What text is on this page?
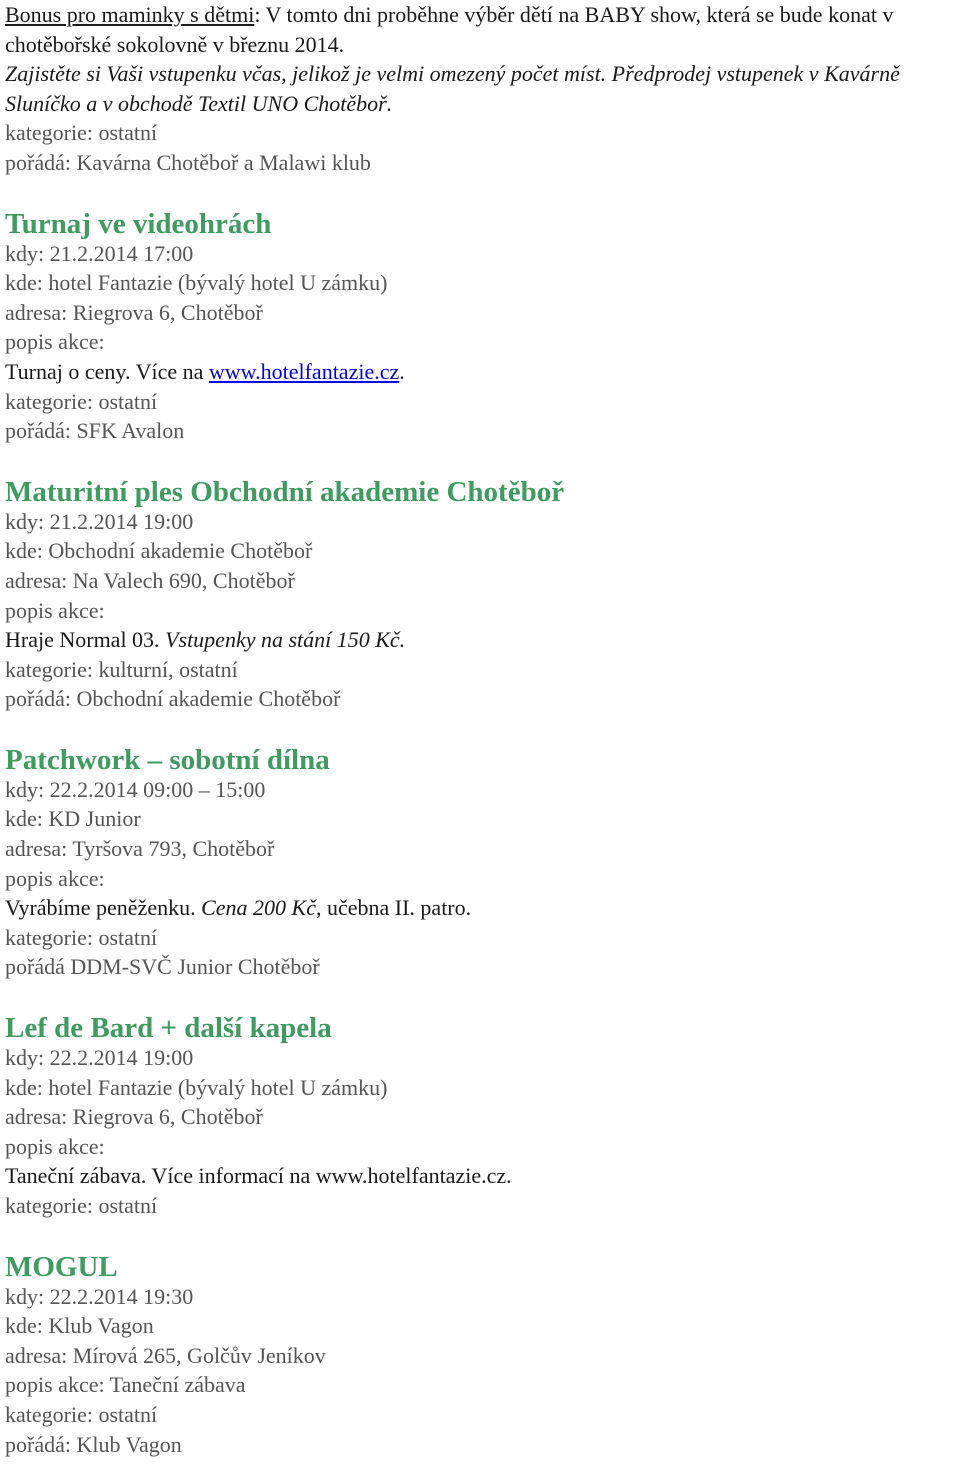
Bonus pro maminky s dětmi: V tomto dni proběhne výběr dětí na BABY show, která se bude konat v chotěbořské sokolovně v březnu 2014.
Zajistěte si Vaši vstupenku včas, jelikož je velmi omezený počet míst. Předprodej vstupenek v Kavárně Sluníčko a v obchodě Textil UNO Chotěboř.
kategorie: ostatní
pořádá: Kavárna Chotěboř a Malawi klub
Turnaj ve videohrách
kdy: 21.2.2014 17:00
kde: hotel Fantazie (bývalý hotel U zámku)
adresa: Riegrova 6, Chotěboř
popis akce:
Turnaj o ceny. Více na www.hotelfantazie.cz.
kategorie: ostatní
pořádá: SFK Avalon
Maturitní ples Obchodní akademie Chotěboř
kdy: 21.2.2014 19:00
kde: Obchodní akademie Chotěboř
adresa: Na Valech 690, Chotěboř
popis akce:
Hraje Normal 03. Vstupenky na stání 150 Kč.
kategorie: kulturní, ostatní
pořádá: Obchodní akademie Chotěboř
Patchwork – sobotní dílna
kdy: 22.2.2014 09:00 – 15:00
kde: KD Junior
adresa: Tyršova 793, Chotěboř
popis akce:
Vyrábíme peněženku. Cena 200 Kč, učebna II. patro.
kategorie: ostatní
pořádá DDM-SVČ Junior Chotěboř
Lef de Bard + další kapela
kdy: 22.2.2014 19:00
kde: hotel Fantazie (bývalý hotel U zámku)
adresa: Riegrova 6, Chotěboř
popis akce:
Taneční zábava. Více informací na www.hotelfantazie.cz.
kategorie: ostatní
MOGUL
kdy: 22.2.2014 19:30
kde: Klub Vagon
adresa: Mírová 265, Golčův Jeníkov
popis akce: Taneční zábava
kategorie: ostatní
pořádá: Klub Vagon
